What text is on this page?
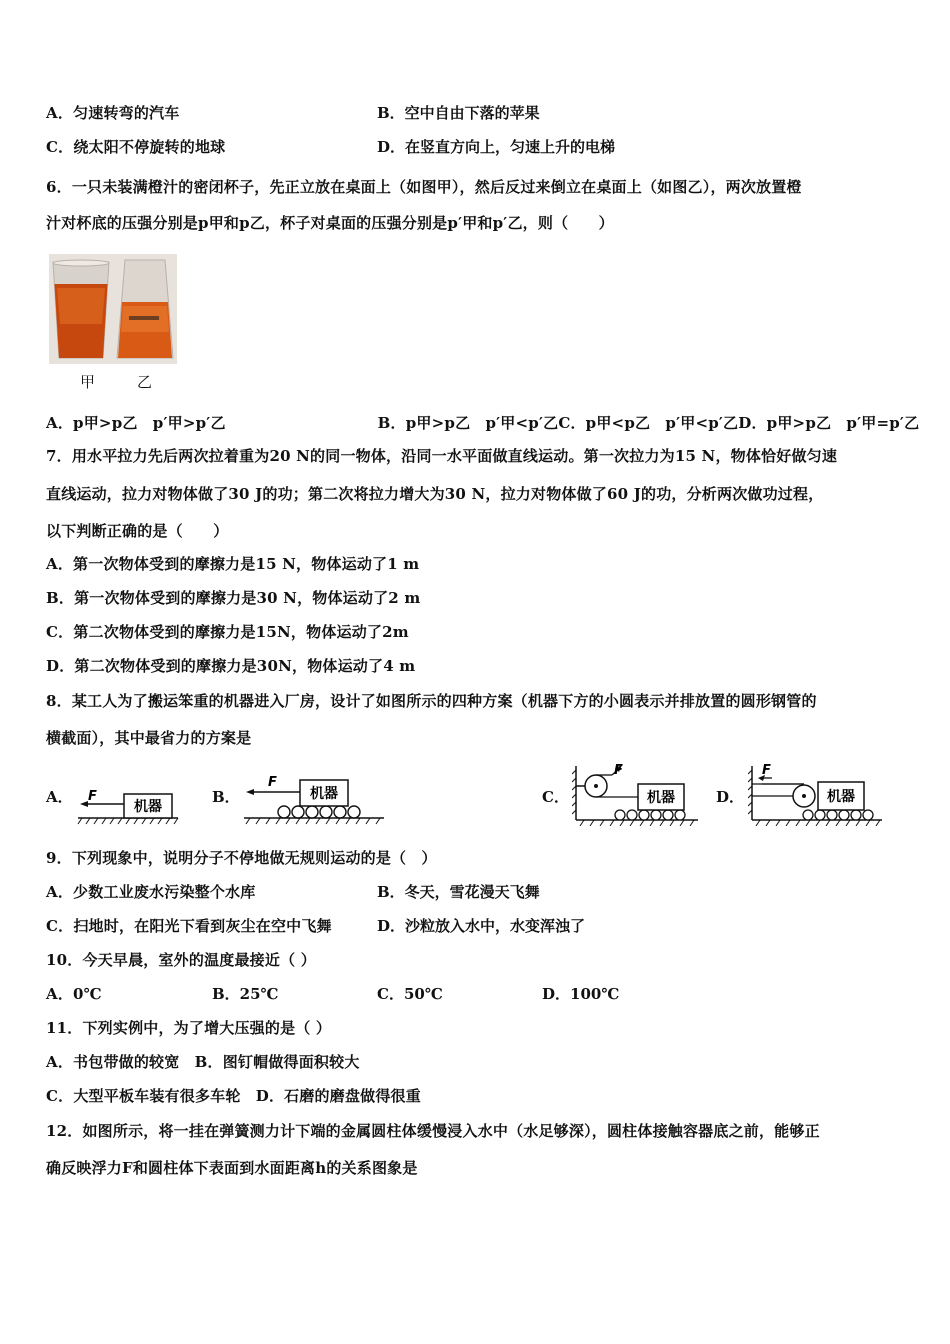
A．匀速转弯的汽车	B．空中自由下落的苹果
C．绕太阳不停旋转的地球	D．在竖直方向上，匀速上升的电梯
6．一只未装满橙汁的密闭杯子，先正立放在桌面上（如图甲），然后反过来倒立在桌面上（如图乙），两次放置橙
汁对杯底的压强分别是p甲和p乙，杯子对桌面的压强分别是p′甲和p′乙，则（　　）
甲	乙
A．p甲>p乙　p′甲>p′乙　　　　　　　　　　B．p甲>p乙　p′甲<p′乙C．p甲<p乙　p′甲<p′乙D．p甲>p乙　p′甲=p′乙
7．用水平拉力先后两次拉着重为20 N的同一物体，沿同一水平面做直线运动。第一次拉力为15 N，物体恰好做匀速
直线运动，拉力对物体做了30 J的功；第二次将拉力增大为30 N，拉力对物体做了60 J的功，分析两次做功过程，
以下判断正确的是（　　）
A．第一次物体受到的摩擦力是15 N，物体运动了1 m
B．第一次物体受到的摩擦力是30 N，物体运动了2 m
C．第二次物体受到的摩擦力是15N，物体运动了2m
D．第二次物体受到的摩擦力是30N，物体运动了4 m
8．某工人为了搬运笨重的机器进入厂房，设计了如图所示的四种方案（机器下方的小圆表示并排放置的圆形钢管的
横截面），其中最省力的方案是
A．	B．	C．	D．
机器
F	机器
F
F
机器
F
机器
9．下列现象中，说明分子不停地做无规则运动的是（　）
A．少数工业废水污染整个水库	B．冬天，雪花漫天飞舞
C．扫地时，在阳光下看到灰尘在空中飞舞	D．沙粒放入水中，水变浑浊了
10．今天早晨，室外的温度最接近（ ）
A．0℃	B．25℃	C．50℃	D．100℃
11．下列实例中，为了增大压强的是（ ）
A．书包带做的较宽　B．图钉帽做得面积较大
C．大型平板车装有很多车轮　D．石磨的磨盘做得很重
12．如图所示，将一挂在弹簧测力计下端的金属圆柱体缓慢浸入水中（水足够深），圆柱体接触容器底之前，能够正
确反映浮力F和圆柱体下表面到水面距离h的关系图象是
